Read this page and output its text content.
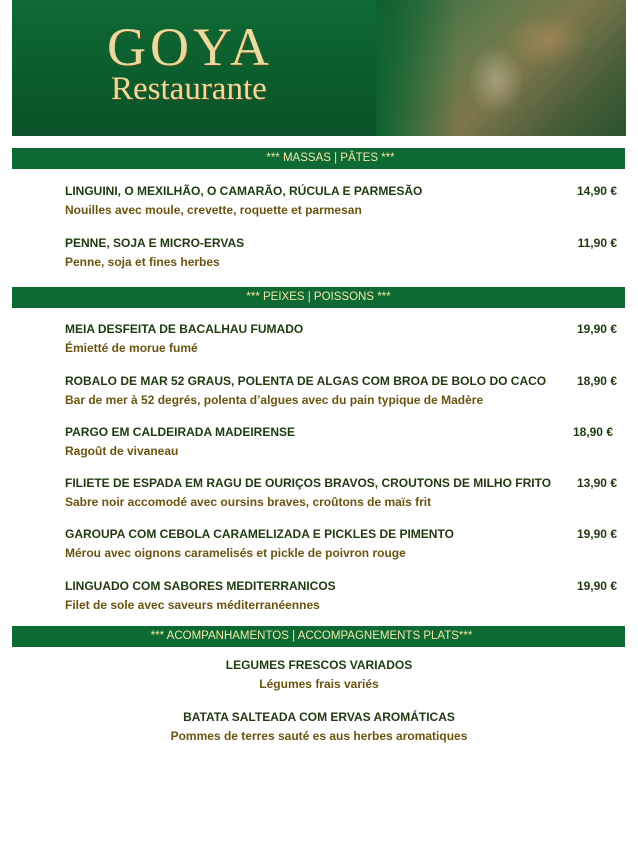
GOYA
Restaurante
*** MASSAS | PÂTES ***
LINGUINI, O MEXILHÃO, O CAMARÃO, RÚCULA E PARMESÃO
Nouilles avec moule, crevette, roquette et parmesan
14,90 €
PENNE, SOJA E MICRO-ERVAS
Penne, soja et fines herbes
11,90 €
*** PEIXES | POISSONS ***
MEIA DESFEITA DE BACALHAU FUMADO
Émietté de morue fumé
19,90 €
ROBALO DE MAR 52 GRAUS, POLENTA DE ALGAS COM BROA DE BOLO DO CACO
Bar de mer à 52 degrés, polenta d’algues avec du pain typique de Madère
18,90 €
PARGO EM CALDEIRADA MADEIRENSE
Ragoût de vivaneau
18,90 €
FILIETE DE ESPADA EM RAGU DE OURIÇOS BRAVOS, CROUTONS DE MILHO FRITO
Sabre noir accomodé avec oursins braves, croûtons de maïs frit
13,90 €
GAROUPA COM CEBOLA CARAMELIZADA E PICKLES DE PIMENTO
Mérou avec oignons caramelisés et pickle de poivron rouge
19,90 €
LINGUADO COM SABORES MEDITERRANICOS
Filet de sole avec saveurs méditerranéennes
19,90 €
*** ACOMPANHAMENTOS | ACCOMPAGNEMENTS PLATS***
LEGUMES FRESCOS VARIADOS
Légumes frais variés
BATATA SALTEADA COM ERVAS AROMÁTICAS
Pommes de terres sauté es aus herbes aromatiques
